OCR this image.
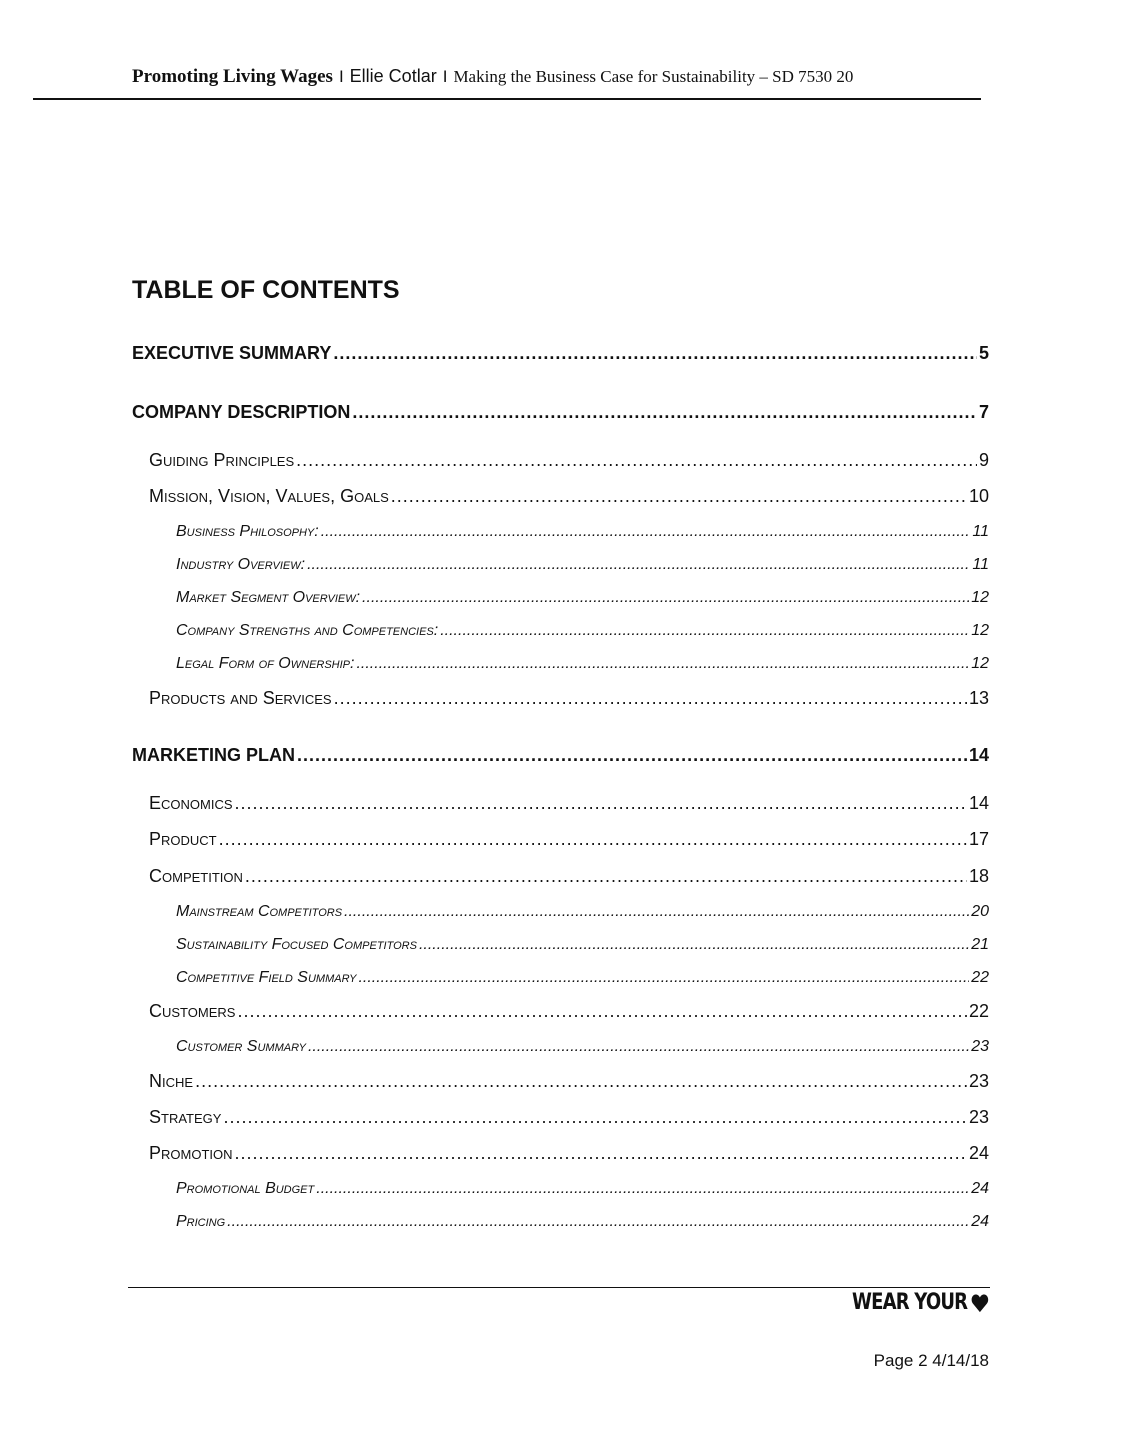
Promoting Living Wages I Ellie Cotlar I Making the Business Case for Sustainability – SD 7530 20
TABLE OF CONTENTS
EXECUTIVE SUMMARY .....	5
COMPANY DESCRIPTION .....	7
Guiding Principles .....	9
Mission, Vision, Values, Goals .....	10
Business Philosophy: .....	11
Industry Overview: .....	11
Market Segment Overview: .....	12
Company Strengths and Competencies: .....	12
Legal Form of Ownership: .....	12
Products and Services .....	13
MARKETING PLAN .....	14
Economics .....	14
Product .....	17
Competition .....	18
Mainstream Competitors .....	20
Sustainability Focused Competitors .....	21
Competitive Field Summary .....	22
Customers .....	22
Customer Summary .....	23
Niche .....	23
Strategy .....	23
Promotion .....	24
Promotional Budget .....	24
Pricing .....	24
WEAR YOUR
Page 2 4/14/18
